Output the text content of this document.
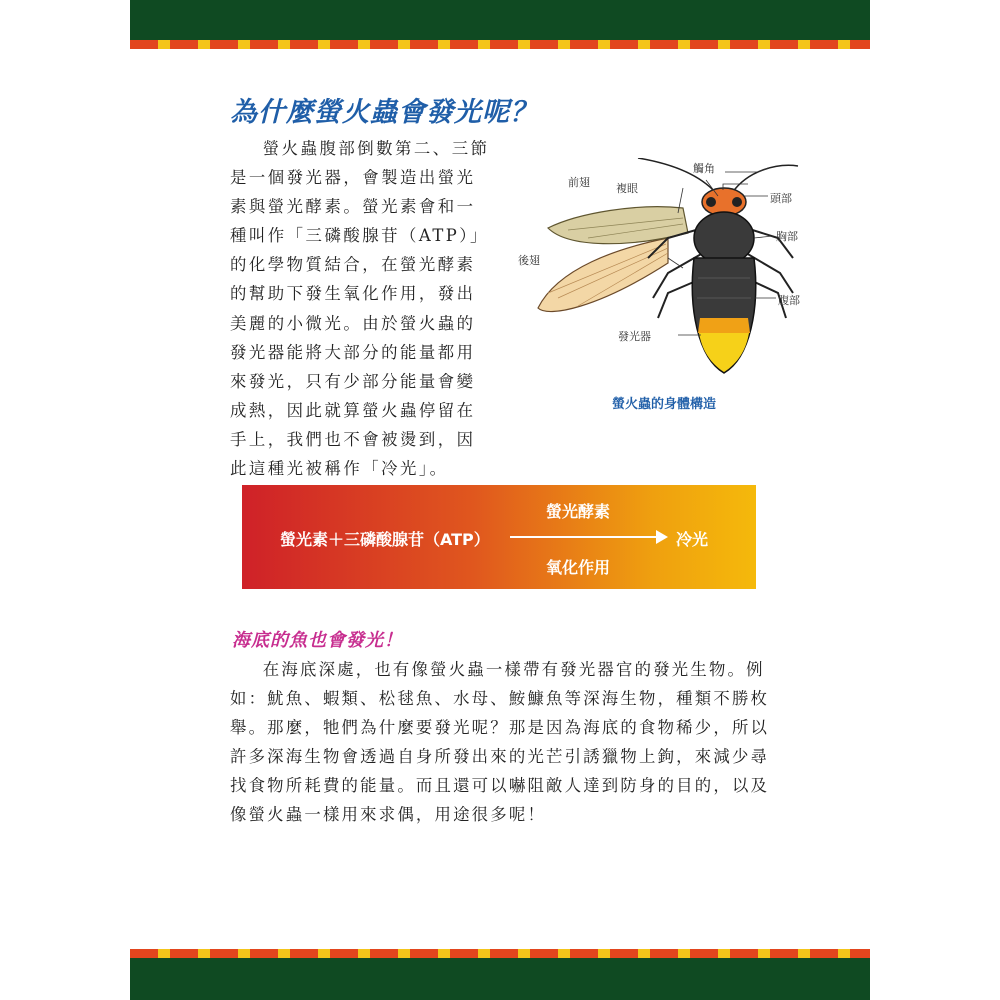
為什麼螢火蟲會發光呢？

螢火蟲腹部倒數第二、三節是一個發光器，會製造出螢光素與螢光酵素。螢光素會和一種叫作「三磷酸腺苷（ATP）」的化學物質結合，在螢光酵素的幫助下發生氧化作用，發出美麗的小微光。由於螢火蟲的發光器能將大部分的能量都用來發光，只有少部分能量會變成熱，因此就算螢火蟲停留在手上，我們也不會被燙到，因此這種光被稱作「冷光」。

觸角
前翅 複眼
頭部
胸部
後翅
腹部
發光器
螢火蟲的身體構造
螢光酵素
螢光素＋三磷酸腺苷（ATP）	冷光
氧化作用
海底的魚也會發光！

在海底深處，也有像螢火蟲一樣帶有發光器官的發光生物。例如：魷魚、蝦類、松毬魚、水母、鮟鱇魚等深海生物，種類不勝枚舉。那麼，牠們為什麼要發光呢？那是因為海底的食物稀少，所以許多深海生物會透過自身所發出來的光芒引誘獵物上鉤，來減少尋找食物所耗費的能量。而且還可以嚇阻敵人達到防身的目的，以及像螢火蟲一樣用來求偶，用途很多呢！
